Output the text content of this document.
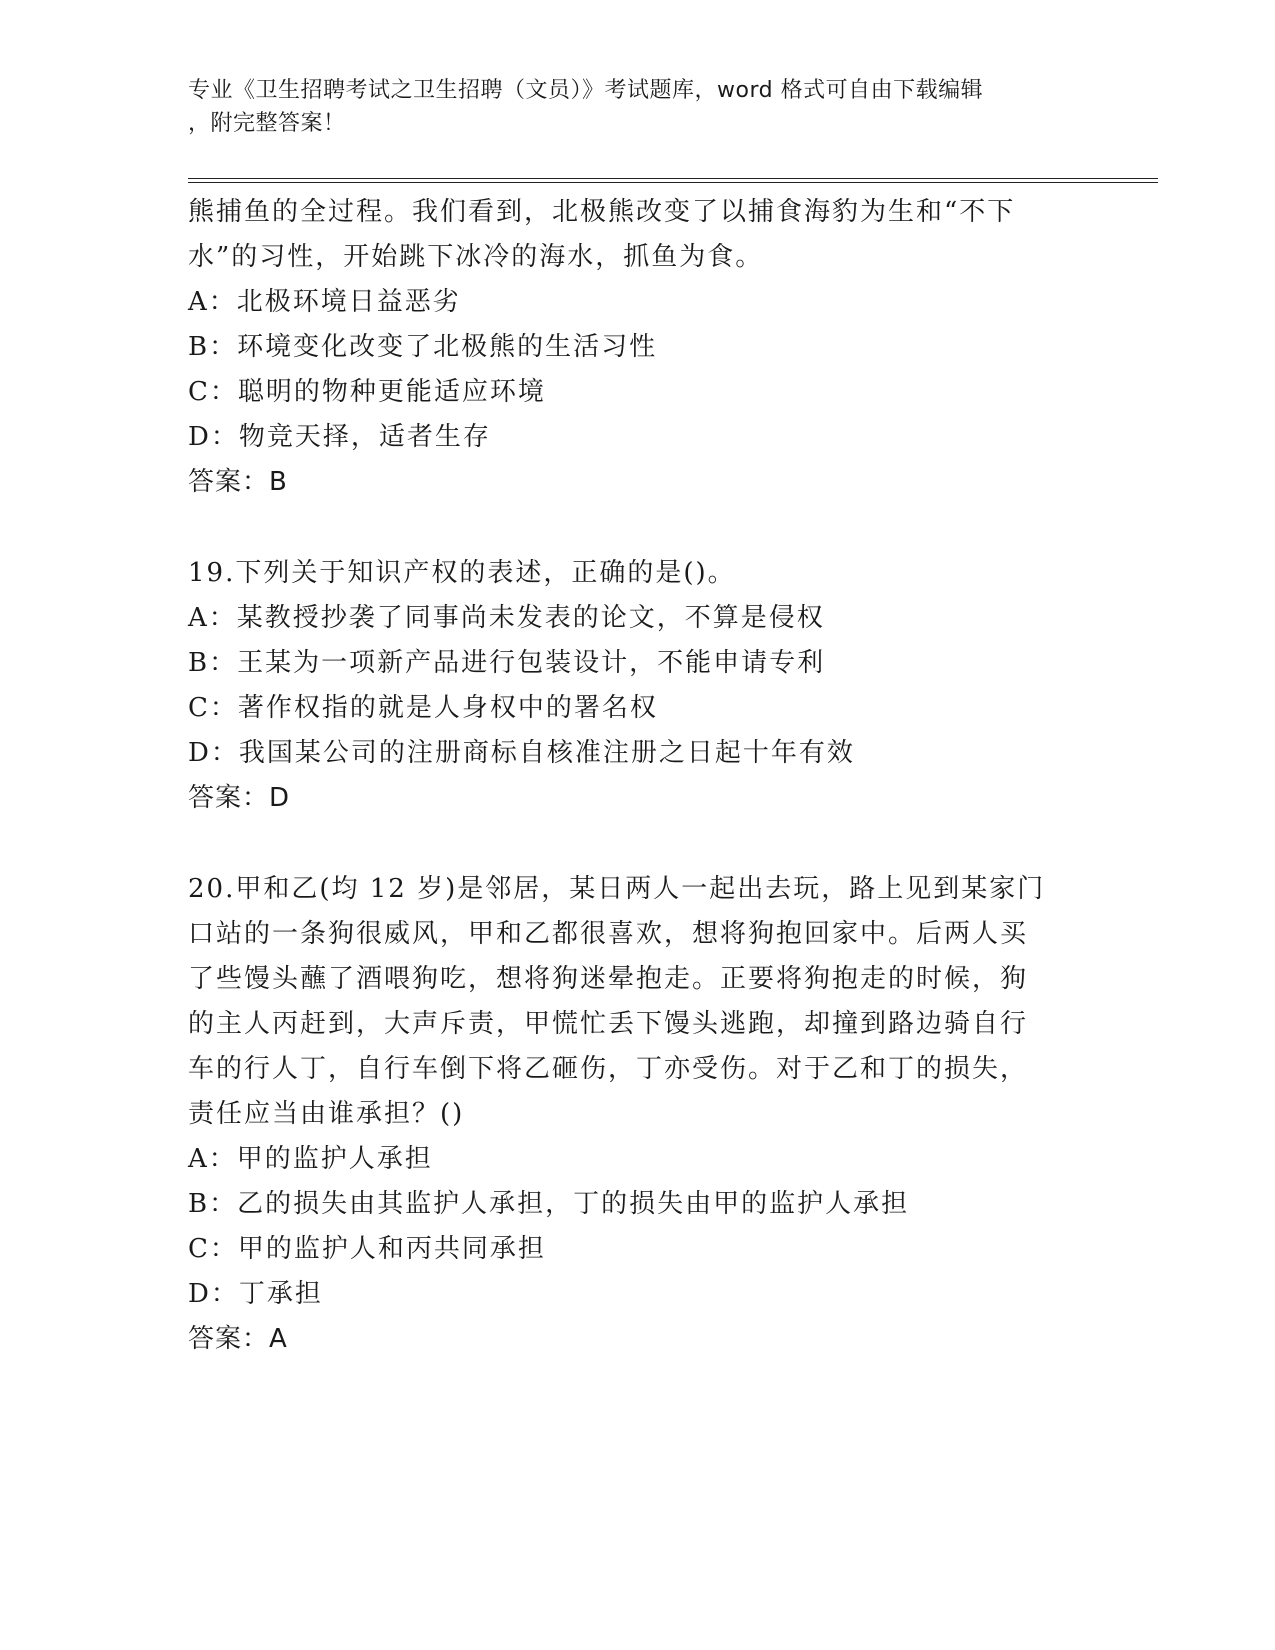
专业《卫生招聘考试之卫生招聘（文员）》考试题库，word 格式可自由下载编辑
，附完整答案！
熊捕鱼的全过程。我们看到，北极熊改变了以捕食海豹为生和“不下
水”的习性，开始跳下冰冷的海水，抓鱼为食。
A：北极环境日益恶劣
B：环境变化改变了北极熊的生活习性
C：聪明的物种更能适应环境
D：物竞天择，适者生存
答案：B
19.下列关于知识产权的表述，正确的是()。
A：某教授抄袭了同事尚未发表的论文，不算是侵权
B：王某为一项新产品进行包装设计，不能申请专利
C：著作权指的就是人身权中的署名权
D：我国某公司的注册商标自核准注册之日起十年有效
答案：D
20.甲和乙(均 12 岁)是邻居，某日两人一起出去玩，路上见到某家门
口站的一条狗很威风，甲和乙都很喜欢，想将狗抱回家中。后两人买
了些馒头蘸了酒喂狗吃，想将狗迷晕抱走。正要将狗抱走的时候，狗
的主人丙赶到，大声斥责，甲慌忙丢下馒头逃跑，却撞到路边骑自行
车的行人丁，自行车倒下将乙砸伤，丁亦受伤。对于乙和丁的损失，
责任应当由谁承担？()
A：甲的监护人承担
B：乙的损失由其监护人承担，丁的损失由甲的监护人承担
C：甲的监护人和丙共同承担
D：丁承担
答案：A
